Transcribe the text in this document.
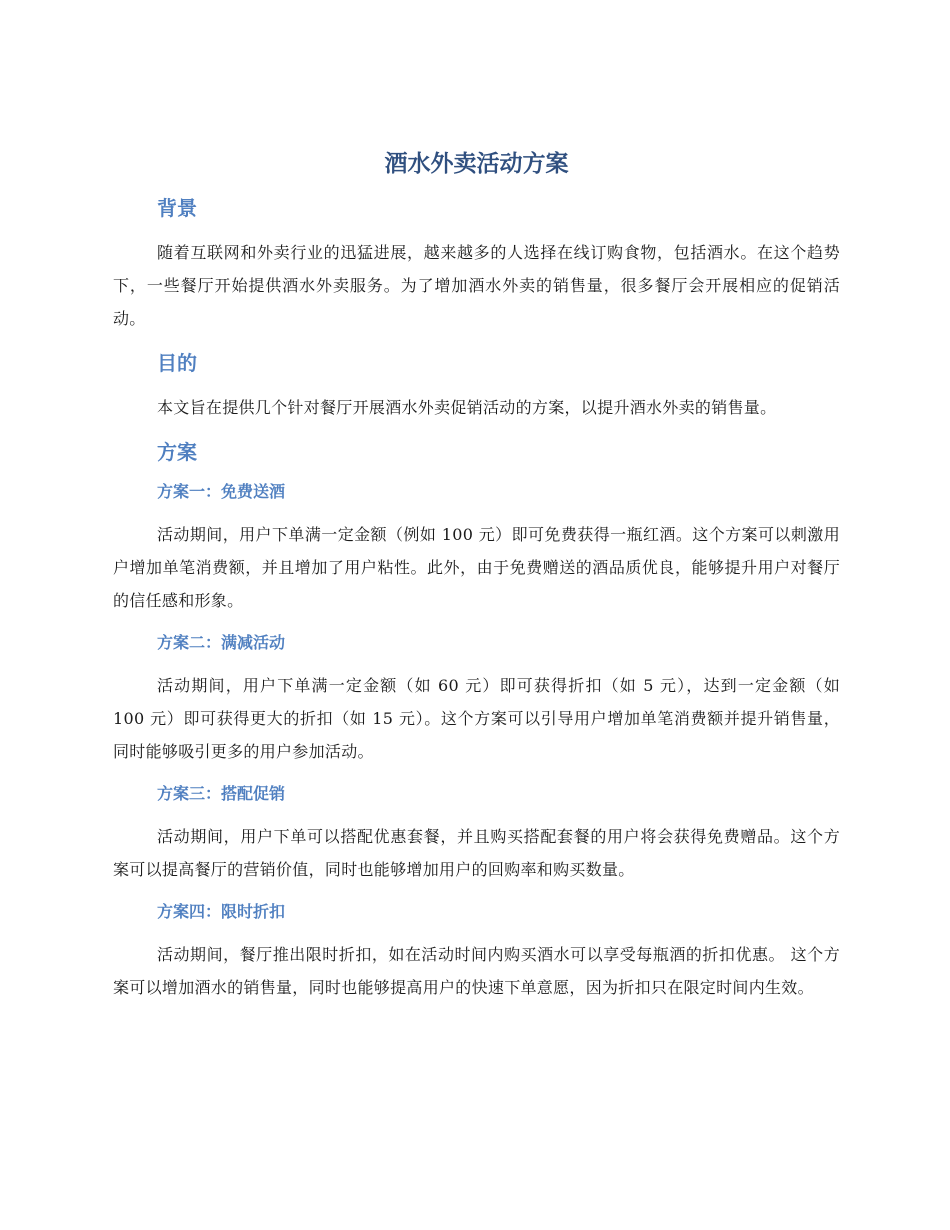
酒水外卖活动方案
背景

随着互联网和外卖行业的迅猛进展，越来越多的人选择在线订购食物，包括酒水。在这个趋势下，一些餐厅开始提供酒水外卖服务。为了增加酒水外卖的销售量，很多餐厅会开展相应的促销活动。

目的

本文旨在提供几个针对餐厅开展酒水外卖促销活动的方案，以提升酒水外卖的销售量。

方案
方案一：免费送酒

活动期间，用户下单满一定金额（例如 100 元）即可免费获得一瓶红酒。这个方案可以刺激用户增加单笔消费额，并且增加了用户粘性。此外，由于免费赠送的酒品质优良，能够提升用户对餐厅的信任感和形象。

方案二：满减活动

活动期间，用户下单满一定金额（如 60 元）即可获得折扣（如 5 元），达到一定金额（如 100 元）即可获得更大的折扣（如 15 元）。这个方案可以引导用户增加单笔消费额并提升销售量，同时能够吸引更多的用户参加活动。

方案三：搭配促销

活动期间，用户下单可以搭配优惠套餐，并且购买搭配套餐的用户将会获得免费赠品。这个方案可以提高餐厅的营销价值，同时也能够增加用户的回购率和购买数量。

方案四：限时折扣

活动期间，餐厅推出限时折扣，如在活动时间内购买酒水可以享受每瓶酒的折扣优惠。 这个方案可以增加酒水的销售量，同时也能够提高用户的快速下单意愿，因为折扣只在限定时间内生效。
